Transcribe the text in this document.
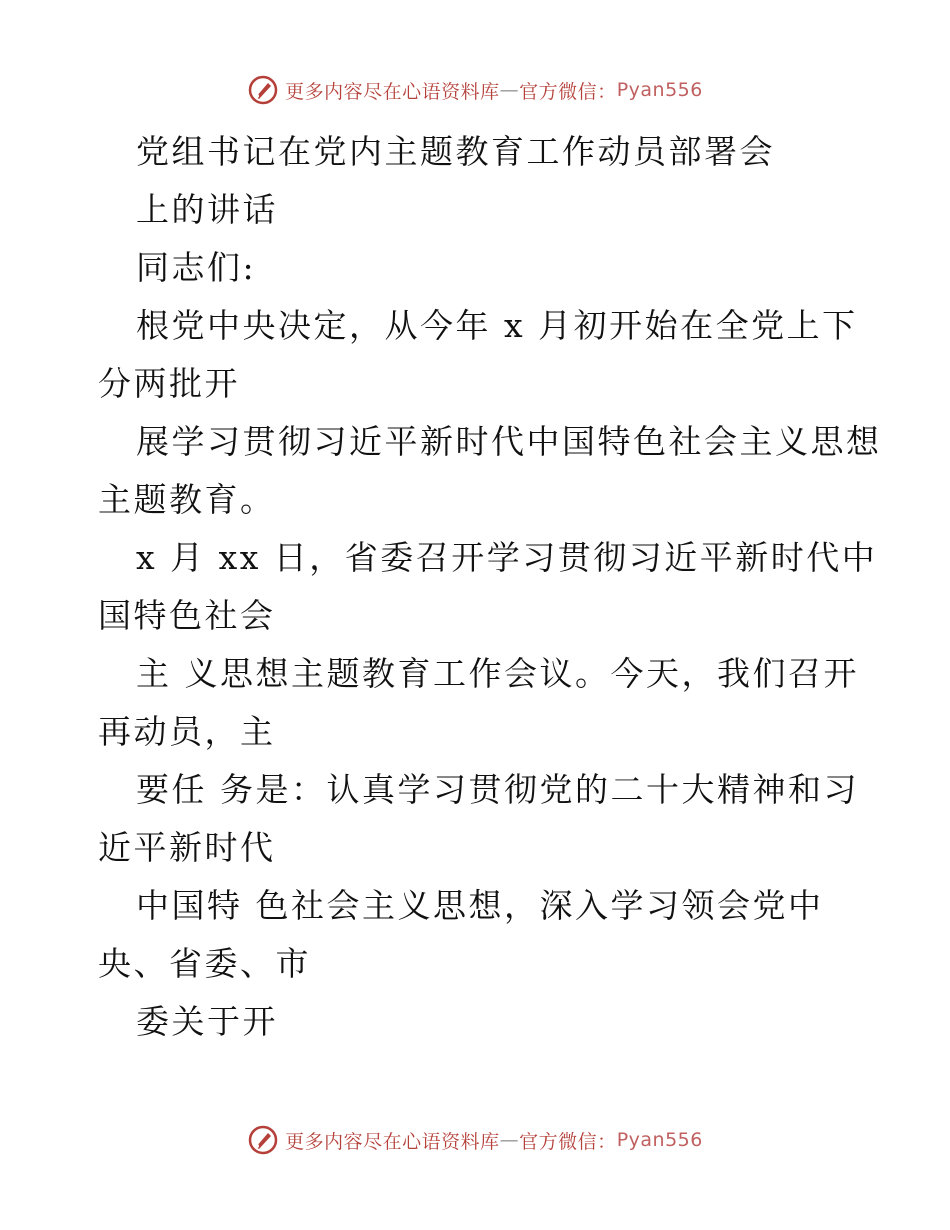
更多内容尽在心语资料库 — 官方微信： Pyan556
党组书记在党内主题教育工作动员部署会
上的讲话
同志们:
根党中央决定，从今年 x 月初开始在全党上下
分两批开
展学习贯彻习近平新时代中国特色社会主义思想
主题教育。
x 月 xx 日，省委召开学习贯彻习近平新时代中
国特色社会
主 义思想主题教育工作会议。今天，我们召开
再动员，主
要任 务是：认真学习贯彻党的二十大精神和习
近平新时代
中国特 色社会主义思想，深入学习领会党中
央、省委、市
委关于开
更多内容尽在心语资料库 — 官方微信： Pyan556
